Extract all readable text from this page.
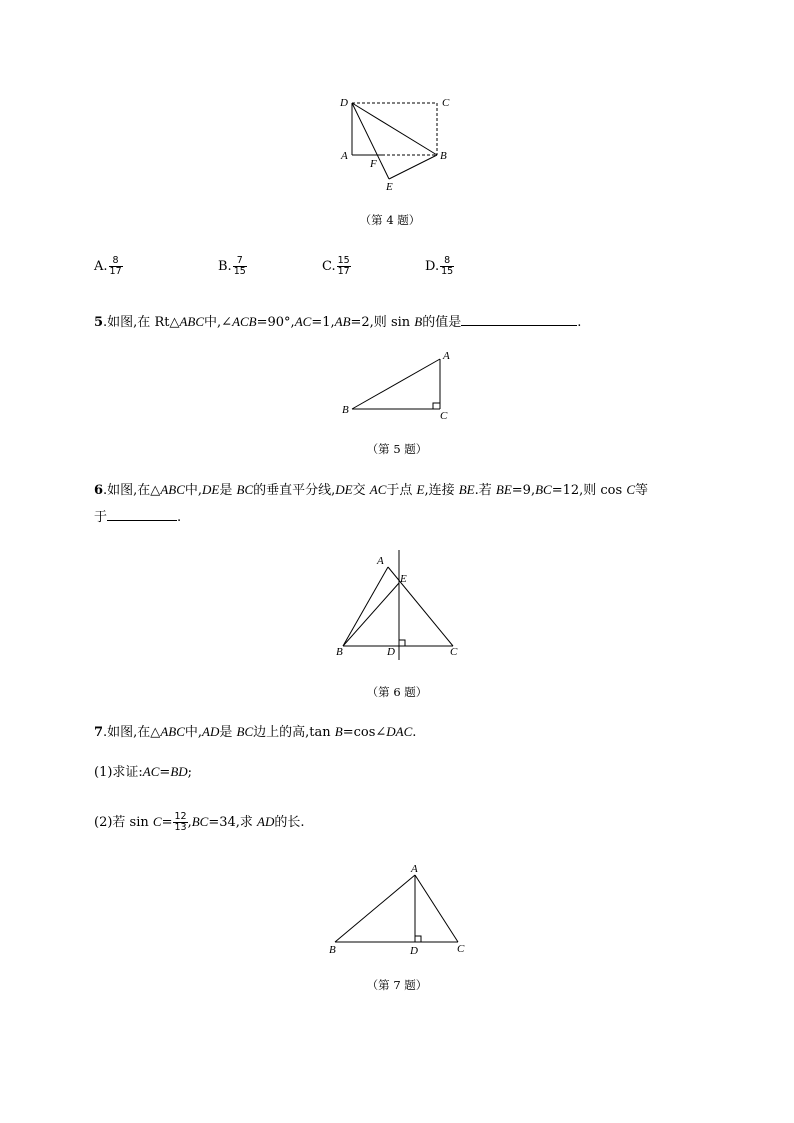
D	C
A
F
B
E
（第 4 题）
A. $\frac{8}{17}$	B. $\frac{7}{15}$	C. $\frac{15}{17}$	D. $\frac{8}{15}$
5.如图,在 Rt△ABC中,∠ACB=90°,AC=1,AB=2,则 sin B的值是	.
A
B	C
（第 5 题）
6.如图,在△ABC中,DE是 BC的垂直平分线,DE交 AC于点 E,连接 BE.若 BE=9,BC=12,则 cos C等
于	.
A
E
B	D	C
（第 6 题）
7.如图,在△ABC中,AD是 BC边上的高,tan B=cos∠DAC.
(1)求证:AC=BD;
(2)若 $\sin C= \frac{12}{13} ,BC=34$,求 AD的长.
A
B	D	C
（第 7 题）
